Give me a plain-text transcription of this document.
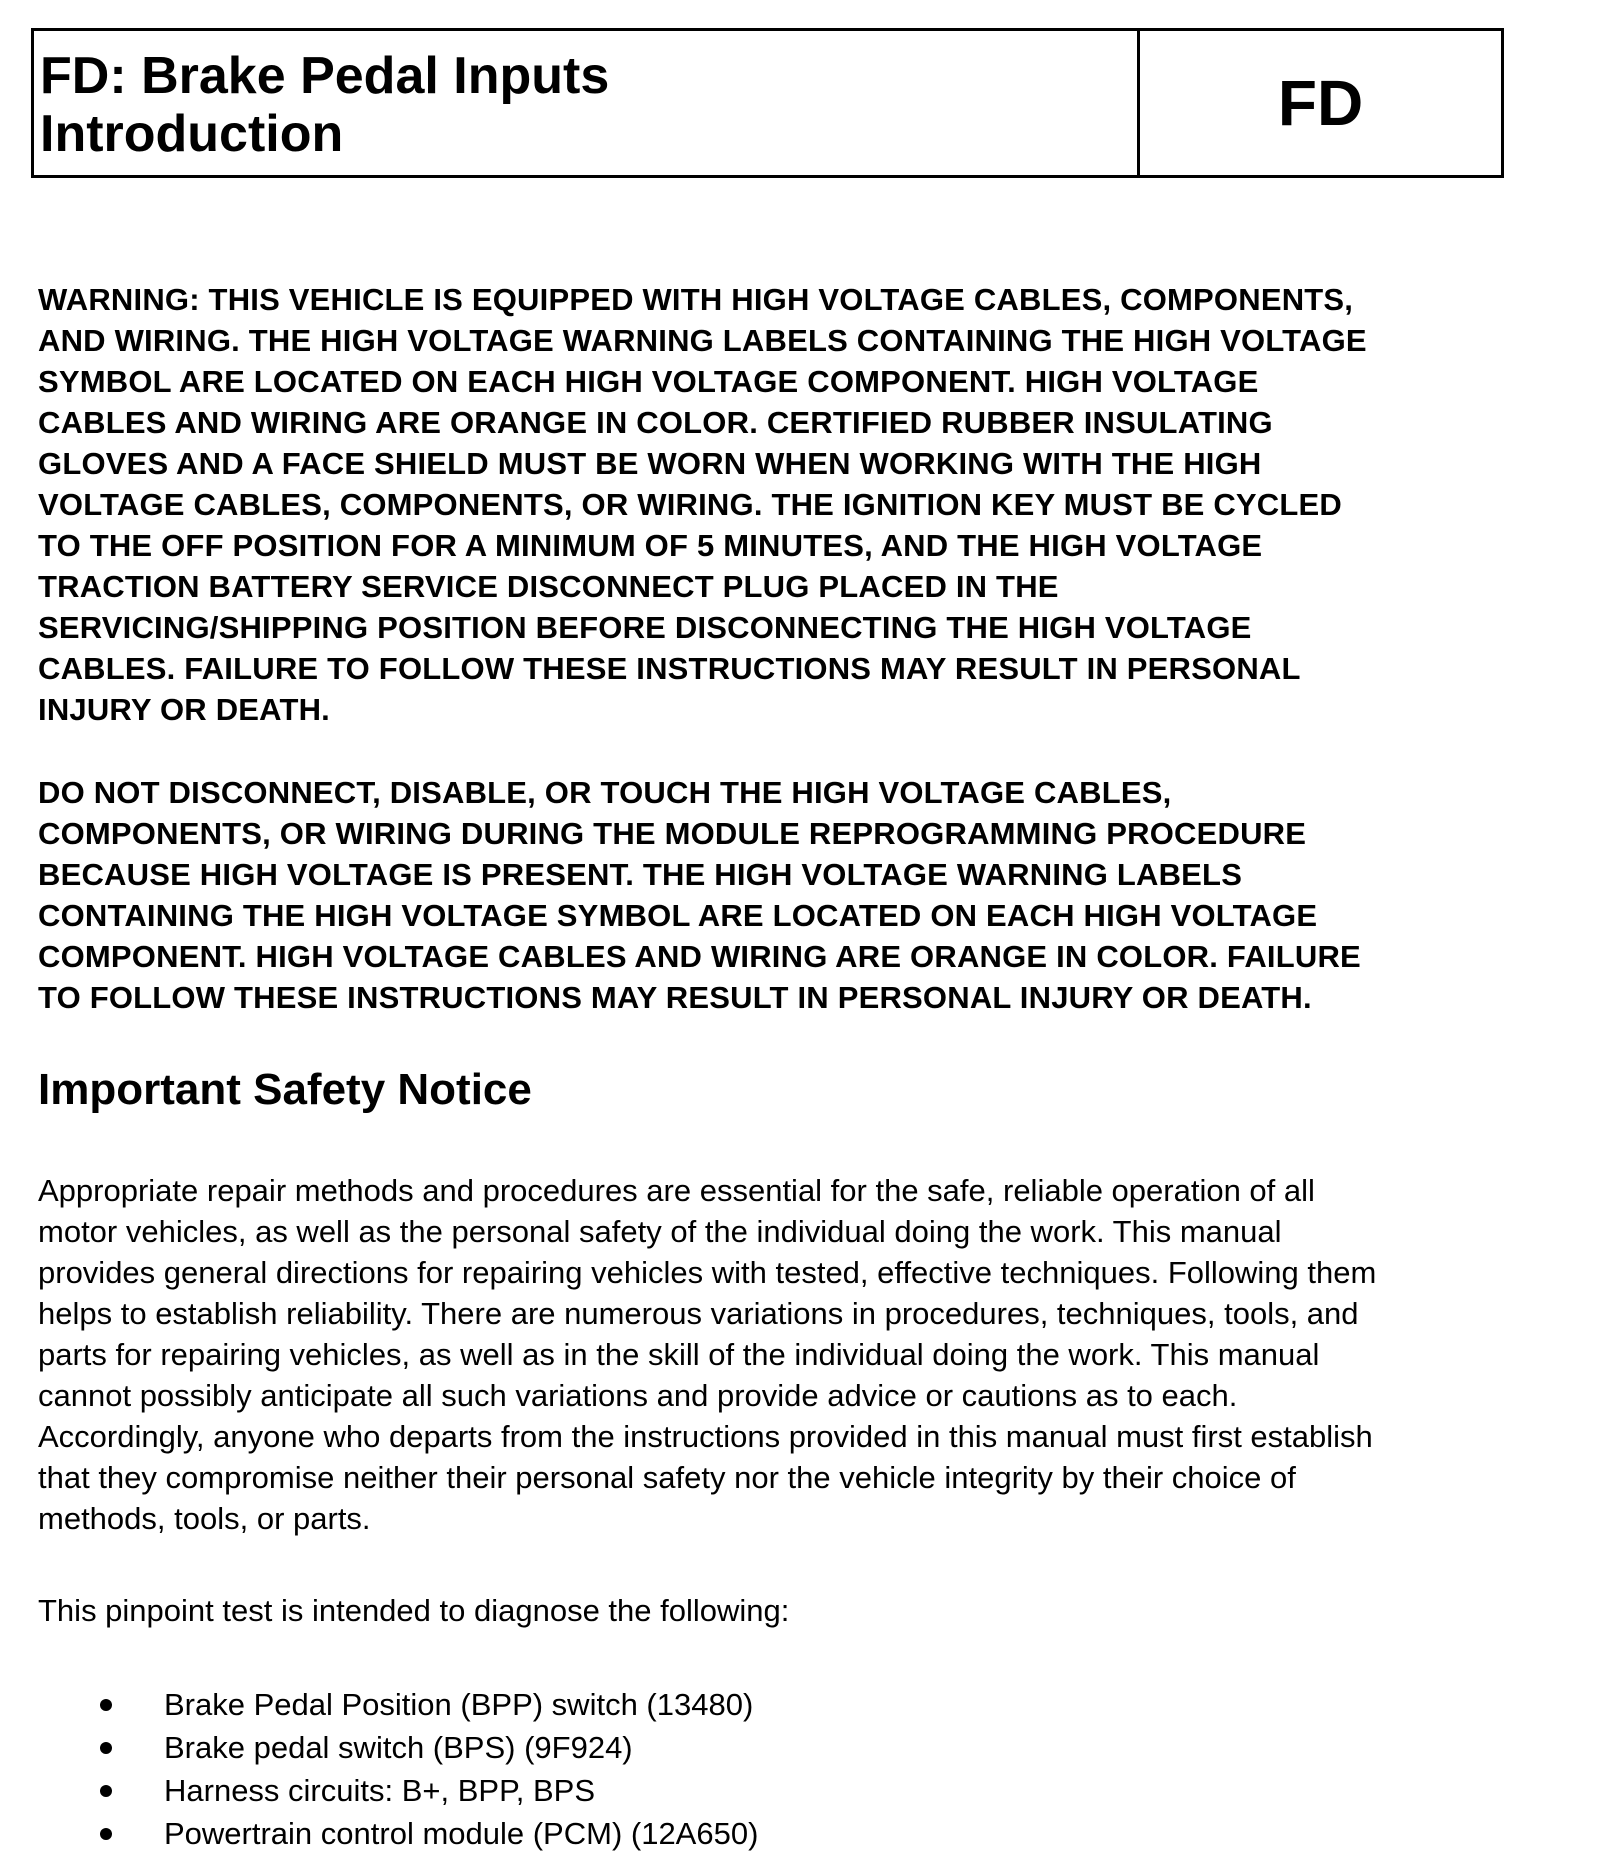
FD: Brake Pedal Inputs
Introduction	FD
WARNING: THIS VEHICLE IS EQUIPPED WITH HIGH VOLTAGE CABLES, COMPONENTS,
AND WIRING. THE HIGH VOLTAGE WARNING LABELS CONTAINING THE HIGH VOLTAGE
SYMBOL ARE LOCATED ON EACH HIGH VOLTAGE COMPONENT. HIGH VOLTAGE
CABLES AND WIRING ARE ORANGE IN COLOR. CERTIFIED RUBBER INSULATING
GLOVES AND A FACE SHIELD MUST BE WORN WHEN WORKING WITH THE HIGH
VOLTAGE CABLES, COMPONENTS, OR WIRING. THE IGNITION KEY MUST BE CYCLED
TO THE OFF POSITION FOR A MINIMUM OF 5 MINUTES, AND THE HIGH VOLTAGE
TRACTION BATTERY SERVICE DISCONNECT PLUG PLACED IN THE
SERVICING/SHIPPING POSITION BEFORE DISCONNECTING THE HIGH VOLTAGE
CABLES. FAILURE TO FOLLOW THESE INSTRUCTIONS MAY RESULT IN PERSONAL
INJURY OR DEATH.
DO NOT DISCONNECT, DISABLE, OR TOUCH THE HIGH VOLTAGE CABLES,
COMPONENTS, OR WIRING DURING THE MODULE REPROGRAMMING PROCEDURE
BECAUSE HIGH VOLTAGE IS PRESENT. THE HIGH VOLTAGE WARNING LABELS
CONTAINING THE HIGH VOLTAGE SYMBOL ARE LOCATED ON EACH HIGH VOLTAGE
COMPONENT. HIGH VOLTAGE CABLES AND WIRING ARE ORANGE IN COLOR. FAILURE
TO FOLLOW THESE INSTRUCTIONS MAY RESULT IN PERSONAL INJURY OR DEATH.
Important Safety Notice
Appropriate repair methods and procedures are essential for the safe, reliable operation of all
motor vehicles, as well as the personal safety of the individual doing the work. This manual
provides general directions for repairing vehicles with tested, effective techniques. Following them
helps to establish reliability. There are numerous variations in procedures, techniques, tools, and
parts for repairing vehicles, as well as in the skill of the individual doing the work. This manual
cannot possibly anticipate all such variations and provide advice or cautions as to each.
Accordingly, anyone who departs from the instructions provided in this manual must first establish
that they compromise neither their personal safety nor the vehicle integrity by their choice of
methods, tools, or parts.
This pinpoint test is intended to diagnose the following:
Brake Pedal Position (BPP) switch (13480)
Brake pedal switch (BPS) (9F924)
Harness circuits: B+, BPP, BPS
Powertrain control module (PCM) (12A650)
